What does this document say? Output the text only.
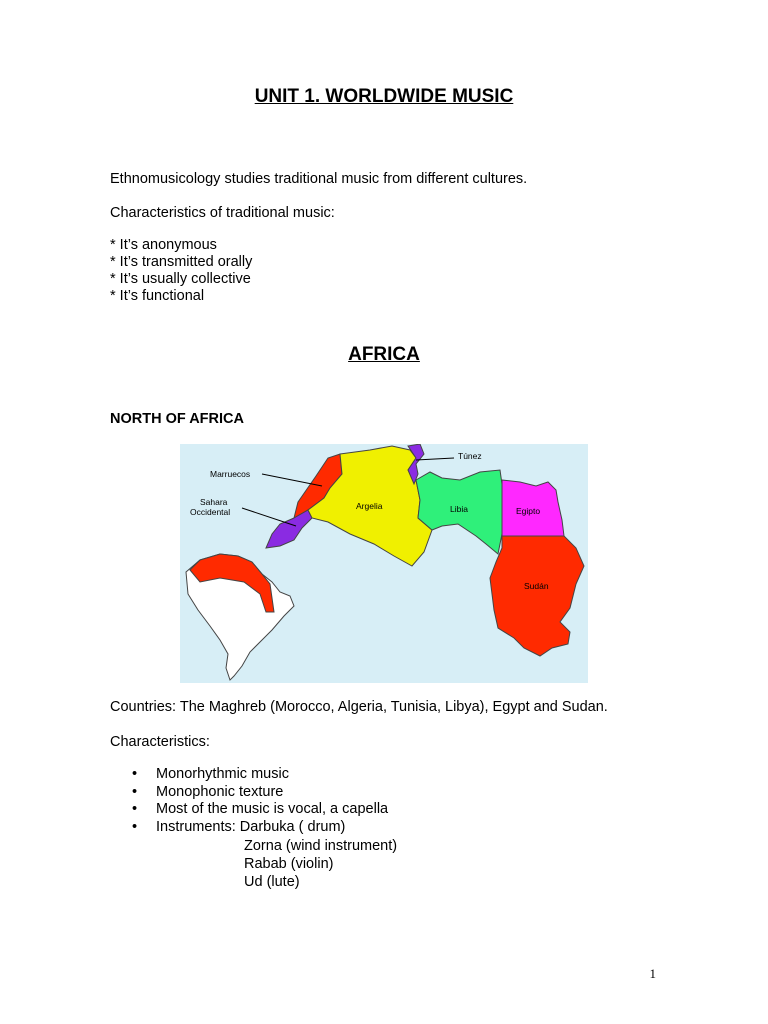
UNIT 1. WORLDWIDE MUSIC
Ethnomusicology studies traditional music from different cultures.
Characteristics of traditional music:
* It’s anonymous
* It’s transmitted orally
* It’s usually collective
* It’s functional
AFRICA
NORTH OF AFRICA
Marruecos
Sahara
Occidental
Argelia
Túnez
Libia	Egipto
Sudán
Countries: The Maghreb (Morocco, Algeria, Tunisia, Libya), Egypt and Sudan.
Characteristics:
• Monorhythmic music
• Monophonic texture
• Most of the music is vocal, a capella
• Instruments: Darbuka ( drum)
Zorna (wind instrument)
Rabab (violin)
Ud (lute)
1
